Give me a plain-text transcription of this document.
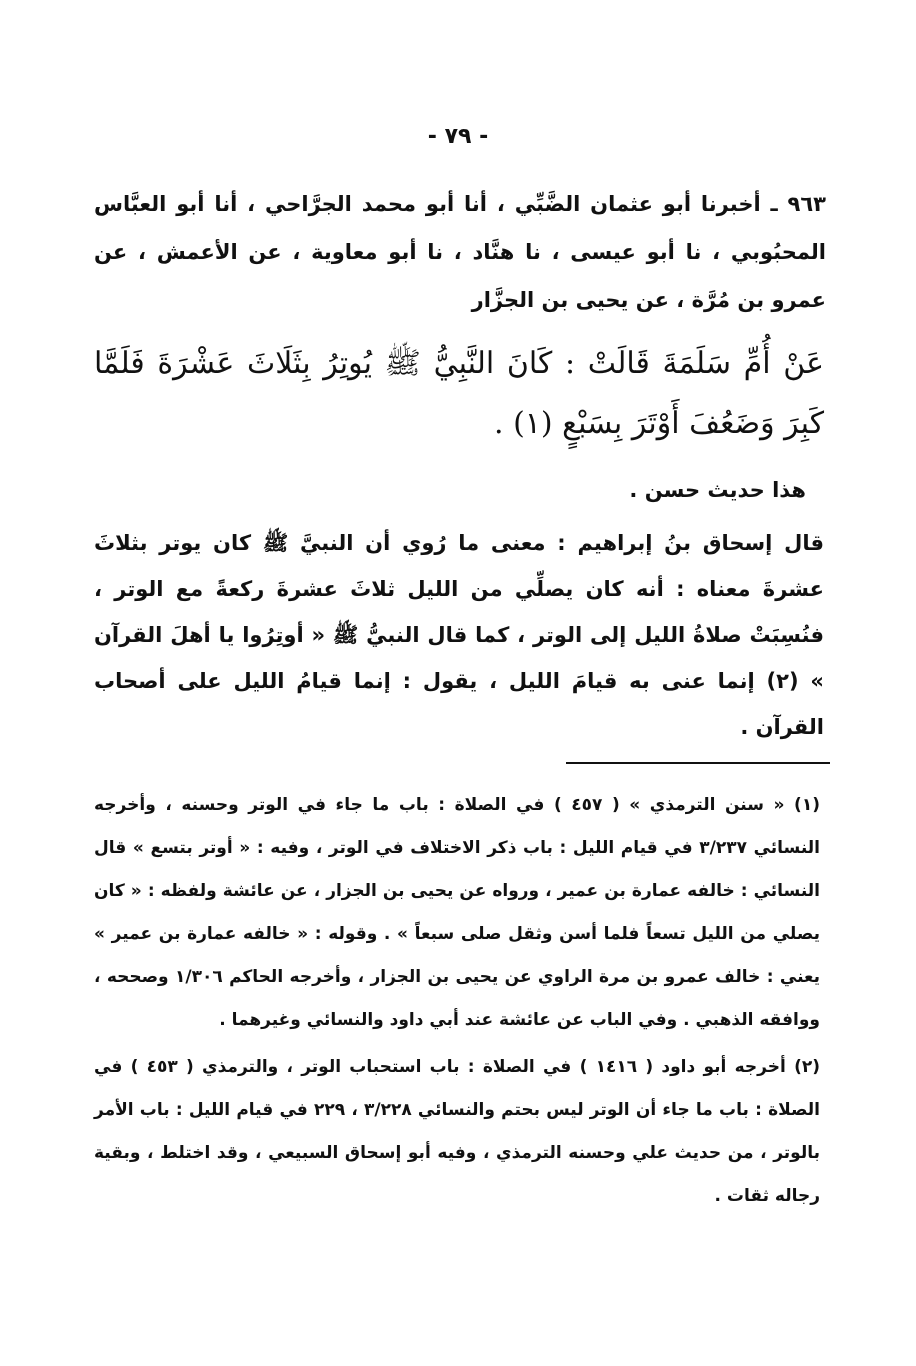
- ٧٩ -
٩٦٣ ـ أخبرنا أبو عثمان الضَّبِّي ، أنا أبو محمد الجرَّاحي ، أنا أبو العبَّاس المحبُوبي ، نا أبو عيسى ، نا هنَّاد ، نا أبو معاوية ، عن الأعمش ، عن عمرو بن مُرَّة ، عن يحيى بن الجزَّار
عَنْ أُمِّ سَلَمَةَ قَالَتْ : كَانَ النَّبِيُّ ﷺ يُوتِرُ بِثَلَاثَ عَشْرَةَ فَلَمَّا كَبِرَ وَضَعُفَ أَوْتَرَ بِسَبْعٍ (١) .
هذا حديث حسن .
قال إسحاق بنُ إبراهيم : معنى ما رُوي أن النبيَّ ﷺ كان يوتر بثلاثَ عشرةَ معناه : أنه كان يصلِّي من الليل ثلاثَ عشرةَ ركعةً مع الوتر ، فنُسِبَتْ صلاةُ الليل إلى الوتر ، كما قال النبيُّ ﷺ « أوتِرُوا يا أهلَ القرآن » (٢) إنما عنى به قيامَ الليل ، يقول : إنما قيامُ الليل على أصحاب القرآن .

(١) « سنن الترمذي » ( ٤٥٧ ) في الصلاة : باب ما جاء في الوتر وحسنه ، وأخرجه النسائي ٣/٢٣٧ في قيام الليل : باب ذكر الاختلاف في الوتر ، وفيه : « أوتر بتسع » قال النسائي : خالفه عمارة بن عمير ، ورواه عن يحيى بن الجزار ، عن عائشة ولفظه : « كان يصلي من الليل تسعاً فلما أسن وثقل صلى سبعاً » . وقوله : « خالفه عمارة بن عمير » يعني : خالف عمرو بن مرة الراوي عن يحيى بن الجزار ، وأخرجه الحاكم ١/٣٠٦ وصححه ، ووافقه الذهبي . وفي الباب عن عائشة عند أبي داود والنسائي وغيرهما .

(٢) أخرجه أبو داود ( ١٤١٦ ) في الصلاة : باب استحباب الوتر ، والترمذي ( ٤٥٣ ) في الصلاة : باب ما جاء أن الوتر ليس بحتم والنسائي ٣/٢٢٨ ، ٢٢٩ في قيام الليل : باب الأمر بالوتر ، من حديث علي وحسنه الترمذي ، وفيه أبو إسحاق السبيعي ، وقد اختلط ، وبقية رجاله ثقات .
